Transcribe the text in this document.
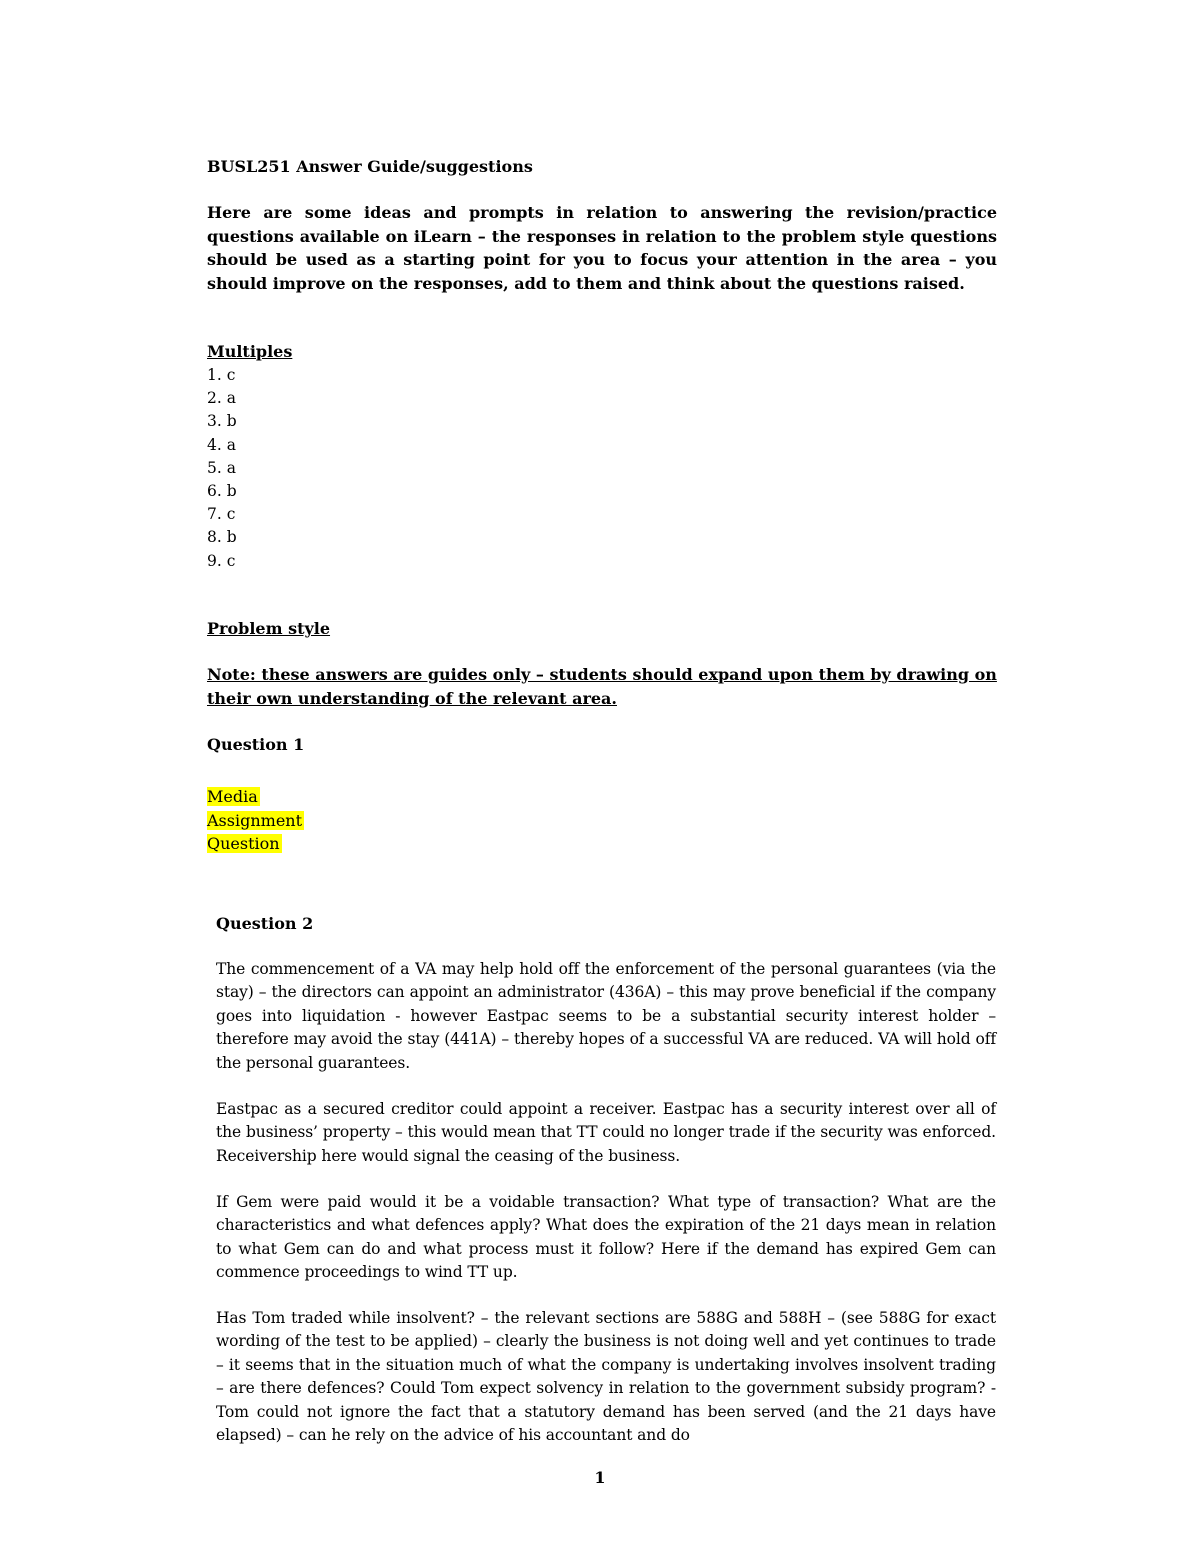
BUSL251 Answer Guide/suggestions
Here are some ideas and prompts in relation to answering the revision/practice questions available on iLearn – the responses in relation to the problem style questions should be used as a starting point for you to focus your attention in the area – you should improve on the responses, add to them and think about the questions raised.
Multiples
1. c
2. a
3. b
4. a
5. a
6. b
7. c
8. b
9. c
Problem style
Note: these answers are guides only – students should expand upon them by drawing on their own understanding of the relevant area.
Question 1
Media
Assignment
Question
Question 2
The commencement of a VA may help hold off the enforcement of the personal guarantees (via the stay) – the directors can appoint an administrator (436A) – this may prove beneficial if the company goes into liquidation - however Eastpac seems to be a substantial security interest holder – therefore may avoid the stay (441A) – thereby hopes of a successful VA are reduced. VA will hold off the personal guarantees.
Eastpac as a secured creditor could appoint a receiver. Eastpac has a security interest over all of the business’ property – this would mean that TT could no longer trade if the security was enforced. Receivership here would signal the ceasing of the business.
If Gem were paid would it be a voidable transaction? What type of transaction? What are the characteristics and what defences apply? What does the expiration of the 21 days mean in relation to what Gem can do and what process must it follow? Here if the demand has expired Gem can commence proceedings to wind TT up.
Has Tom traded while insolvent? – the relevant sections are 588G and 588H – (see 588G for exact wording of the test to be applied) – clearly the business is not doing well and yet continues to trade – it seems that in the situation much of what the company is undertaking involves insolvent trading – are there defences? Could Tom expect solvency in relation to the government subsidy program? - Tom could not ignore the fact that a statutory demand has been served (and the 21 days have elapsed) – can he rely on the advice of his accountant and do
1
